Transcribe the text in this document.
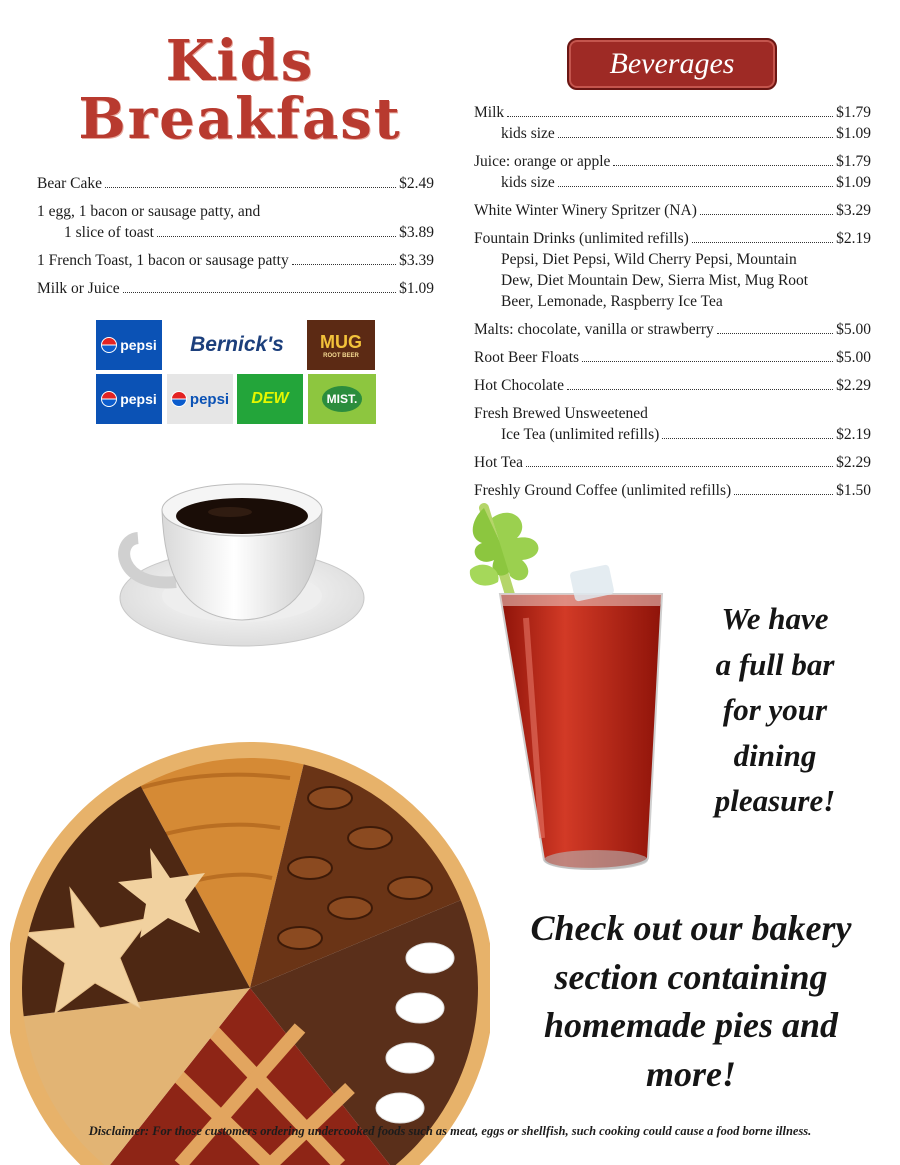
Kids
Breakfast
Bear Cake	$2.49
1 egg, 1 bacon or sausage patty, and
1 slice of toast	$3.89
1 French Toast, 1 bacon or sausage patty	$3.39
Milk or Juice	$1.09
pepsi Bernick's MUG
ROOT BEER
pepsi pepsi DEW	MIST.
Beverages
Milk	$1.79
kids size	$1.09
Juice: orange or apple	$1.79
kids size	$1.09
White Winter Winery Spritzer (NA)	$3.29
Fountain Drinks (unlimited refills)	$2.19
Pepsi, Diet Pepsi, Wild Cherry Pepsi, Mountain
Dew, Diet Mountain Dew, Sierra Mist, Mug Root
Beer, Lemonade, Raspberry Ice Tea
Malts: chocolate, vanilla or strawberry	$5.00
Root Beer Floats	$5.00
Hot Chocolate	$2.29
Fresh Brewed Unsweetened
Ice Tea (unlimited refills)	$2.19
Hot Tea	$2.29
Freshly Ground Coffee (unlimited refills)	$1.50
We have
a full bar
for your
dining
pleasure!
Check out our bakery
section containing
homemade pies and
more!
Disclaimer: For those customers ordering undercooked foods such as meat, eggs or shellfish, such cooking could cause a food borne illness.
